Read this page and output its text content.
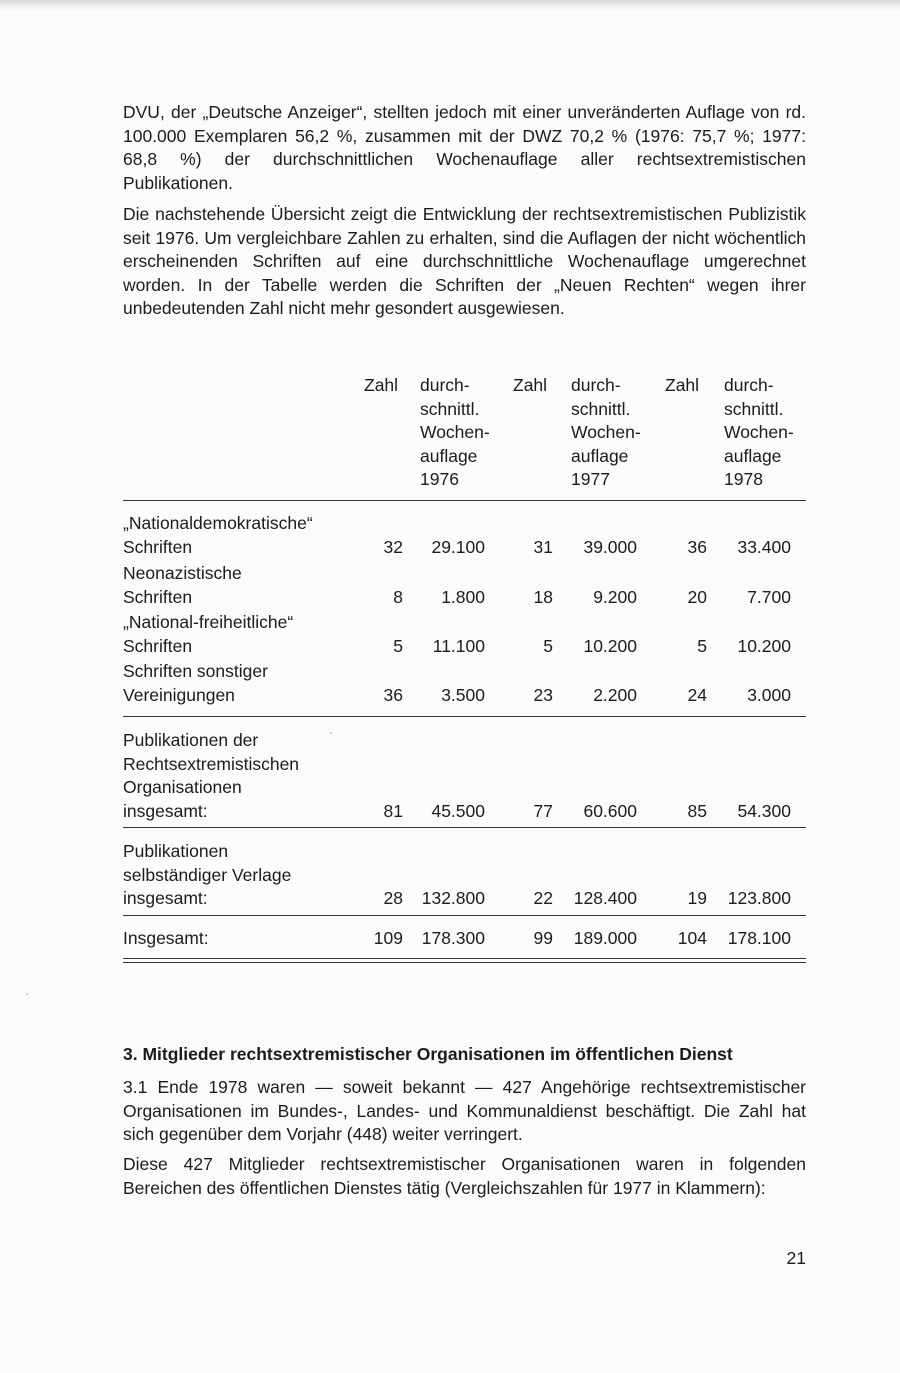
DVU, der „Deutsche Anzeiger“, stellten jedoch mit einer unveränderten Auflage von rd. 100.000 Exemplaren 56,2 %, zusammen mit der DWZ 70,2 % (1976: 75,7 %; 1977: 68,8 %) der durchschnittlichen Wochenauflage aller rechtsextremistischen Publikationen.

Die nachstehende Übersicht zeigt die Entwicklung der rechtsextremistischen Publizistik seit 1976. Um vergleichbare Zahlen zu erhalten, sind die Auflagen der nicht wöchentlich erscheinenden Schriften auf eine durchschnittliche Wochenauflage umgerechnet worden. In der Tabelle werden die Schriften der „Neuen Rechten“ wegen ihrer unbedeutenden Zahl nicht mehr gesondert ausgewiesen.

Zahl durch-
schnittl.
Wochen-
auflage
1976
Zahl durch-
schnittl.
Wochen-
auflage
1977
Zahl durch-
schnittl.
Wochen-
auflage
1978
„Nationaldemokratische“
Schriften	32	29.100	31	39.000	36	33.400
Neonazistische
Schriften	8	1.800	18	9.200	20	7.700
„National-freiheitliche“
Schriften	5	11.100	5	10.200	5	10.200
Schriften sonstiger
Vereinigungen	36	3.500	23	2.200	24	3.000
Publikationen der
Rechtsextremistischen
Organisationen
insgesamt:	81	45.500	77	60.600	85	54.300
Publikationen
selbständiger Verlage
insgesamt:	28	132.800	22	128.400	19	123.800
Insgesamt:	109	178.300	99	189.000	104	178.100
3. Mitglieder rechtsextremistischer Organisationen im öffentlichen Dienst

3.1 Ende 1978 waren — soweit bekannt — 427 Angehörige rechtsextremistischer Organisationen im Bundes-, Landes- und Kommunaldienst beschäftigt. Die Zahl hat sich gegenüber dem Vorjahr (448) weiter verringert.

Diese 427 Mitglieder rechtsextremistischer Organisationen waren in folgenden Bereichen des öffentlichen Dienstes tätig (Vergleichszahlen für 1977 in Klammern):

21
